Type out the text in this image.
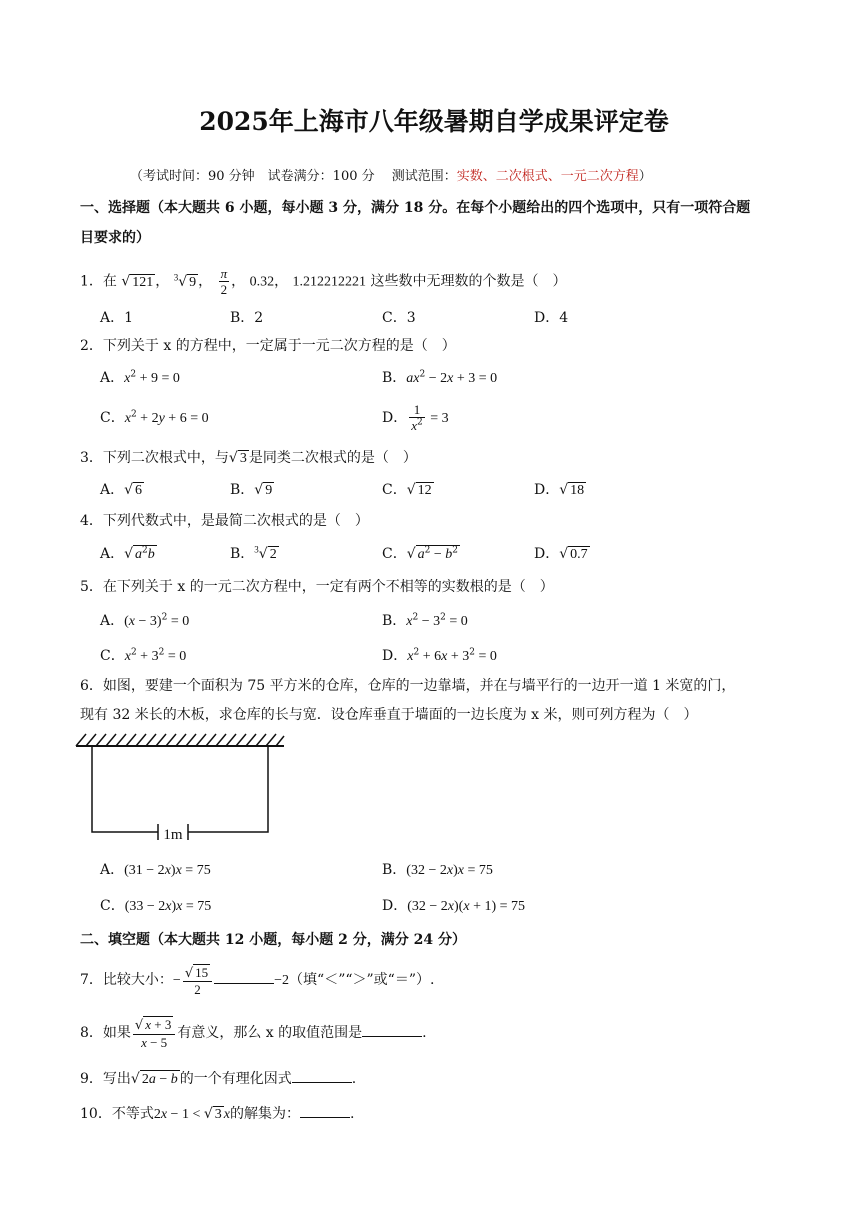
2025年上海市八年级暑期自学成果评定卷
（考试时间：90 分钟　试卷满分：100 分　 测试范围：实数、二次根式、一元二次方程）
一、选择题（本大题共 6 小题，每小题 3 分，满分 18 分。在每个小题给出的四个选项中，只有一项符合题
目要求的）
1．在 √ 121 ， $^3$√ 9 ， $\frac{\pi}{2}$ ， 0.32， 1.212212221 这些数中无理数的个数是（　）
A．1	B．2	C．3	D．4
2．下列关于 x 的方程中，一定属于一元二次方程的是（　）
A．$x^2 + 9 = 0$	B．$ax^2 - 2x + 3 = 0$
C．$x^2 + 2y + 6 = 0$	D． $\frac{1}{x^2} = 3$
3．下列二次根式中，与√ 3 是同类二次根式的是（　）
A．√ 6	B．√ 9	C．√ 12	D．√ 18
4．下列代数式中，是最简二次根式的是（　）
A．√ $a^2b$	B．$^3$√ 2	C．√ $a^2 - b^2$	D．√ 0.7
5．在下列关于 x 的一元二次方程中，一定有两个不相等的实数根的是（　）
A．$(x - 3)^2 = 0$	B．$x^2 - 3^2 = 0$
C．$x^2 + 3^2 = 0$	D．$x^2 + 6x + 3^2 = 0$
6．如图，要建一个面积为 75 平方米的仓库，仓库的一边靠墙，并在与墙平行的一边开一道 1 米宽的门，
现有 32 米长的木板，求仓库的长与宽．设仓库垂直于墙面的一边长度为 x 米，则可列方程为（　）
1m
A．(31 − 2x)x = 75	B．(32 − 2x)x = 75
C．(33 − 2x)x = 75	D．(32 − 2x)(x + 1) = 75
二、填空题（本大题共 12 小题，每小题 2 分，满分 24 分）
7．比较大小：− $\frac{√ 15}{2}$	−2（填“＜”“＞”或“＝”）.
8．如果 $\frac{√ x + 3}{x - 5}$ 有意义，那么 x 的取值范围是	.
9．写出√ 2a − b 的一个有理化因式	.
10．不等式2x − 1 < √ 3 x的解集为：	.
